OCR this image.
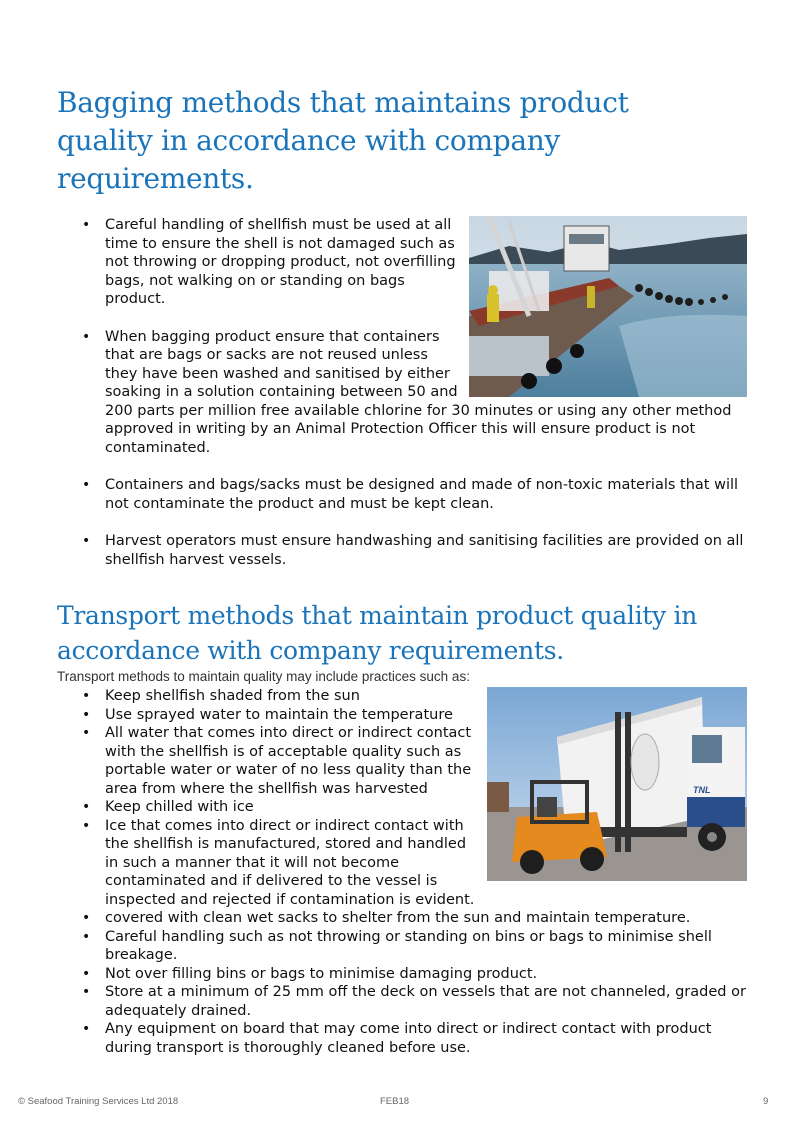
Bagging methods that maintains product quality in accordance with company requirements.
• Careful handling of shellfish must be used at all time to ensure the shell is not damaged such as not throwing or dropping product, not overfilling bags, not walking on or standing on bags product.
• When bagging product ensure that containers that are bags or sacks are not reused unless they have been washed and sanitised by either soaking in a solution containing between 50 and 200 parts per million free available chlorine for 30 minutes or using any other method approved in writing by an Animal Protection Officer this will ensure product is not contaminated.
• Containers and bags/sacks must be designed and made of non-toxic materials that will not contaminate the product and must be kept clean.
• Harvest operators must ensure handwashing and sanitising facilities are provided on all shellfish harvest vessels.
Transport methods that maintain product quality in accordance with company requirements.

Transport methods to maintain quality may include practices such as:

• TNL
Keep shellfish shaded from the sun
• Use sprayed water to maintain the temperature
• All water that comes into direct or indirect contact with the shellfish is of acceptable quality such as portable water or water of no less quality than the area from where the shellfish was harvested
• Keep chilled with ice
• Ice that comes into direct or indirect contact with the shellfish is manufactured, stored and handled in such a manner that it will not become contaminated and if delivered to the vessel is inspected and rejected if contamination is evident.
• covered with clean wet sacks to shelter from the sun and maintain temperature.
• Careful handling such as not throwing or standing on bins or bags to minimise shell breakage.
• Not over filling bins or bags to minimise damaging product.
• Store at a minimum of 25 mm off the deck on vessels that are not channeled, graded or adequately drained.
• Any equipment on board that may come into direct or indirect contact with product during transport is thoroughly cleaned before use.
© Seafood Training Services Ltd 2018	FEB18	9
